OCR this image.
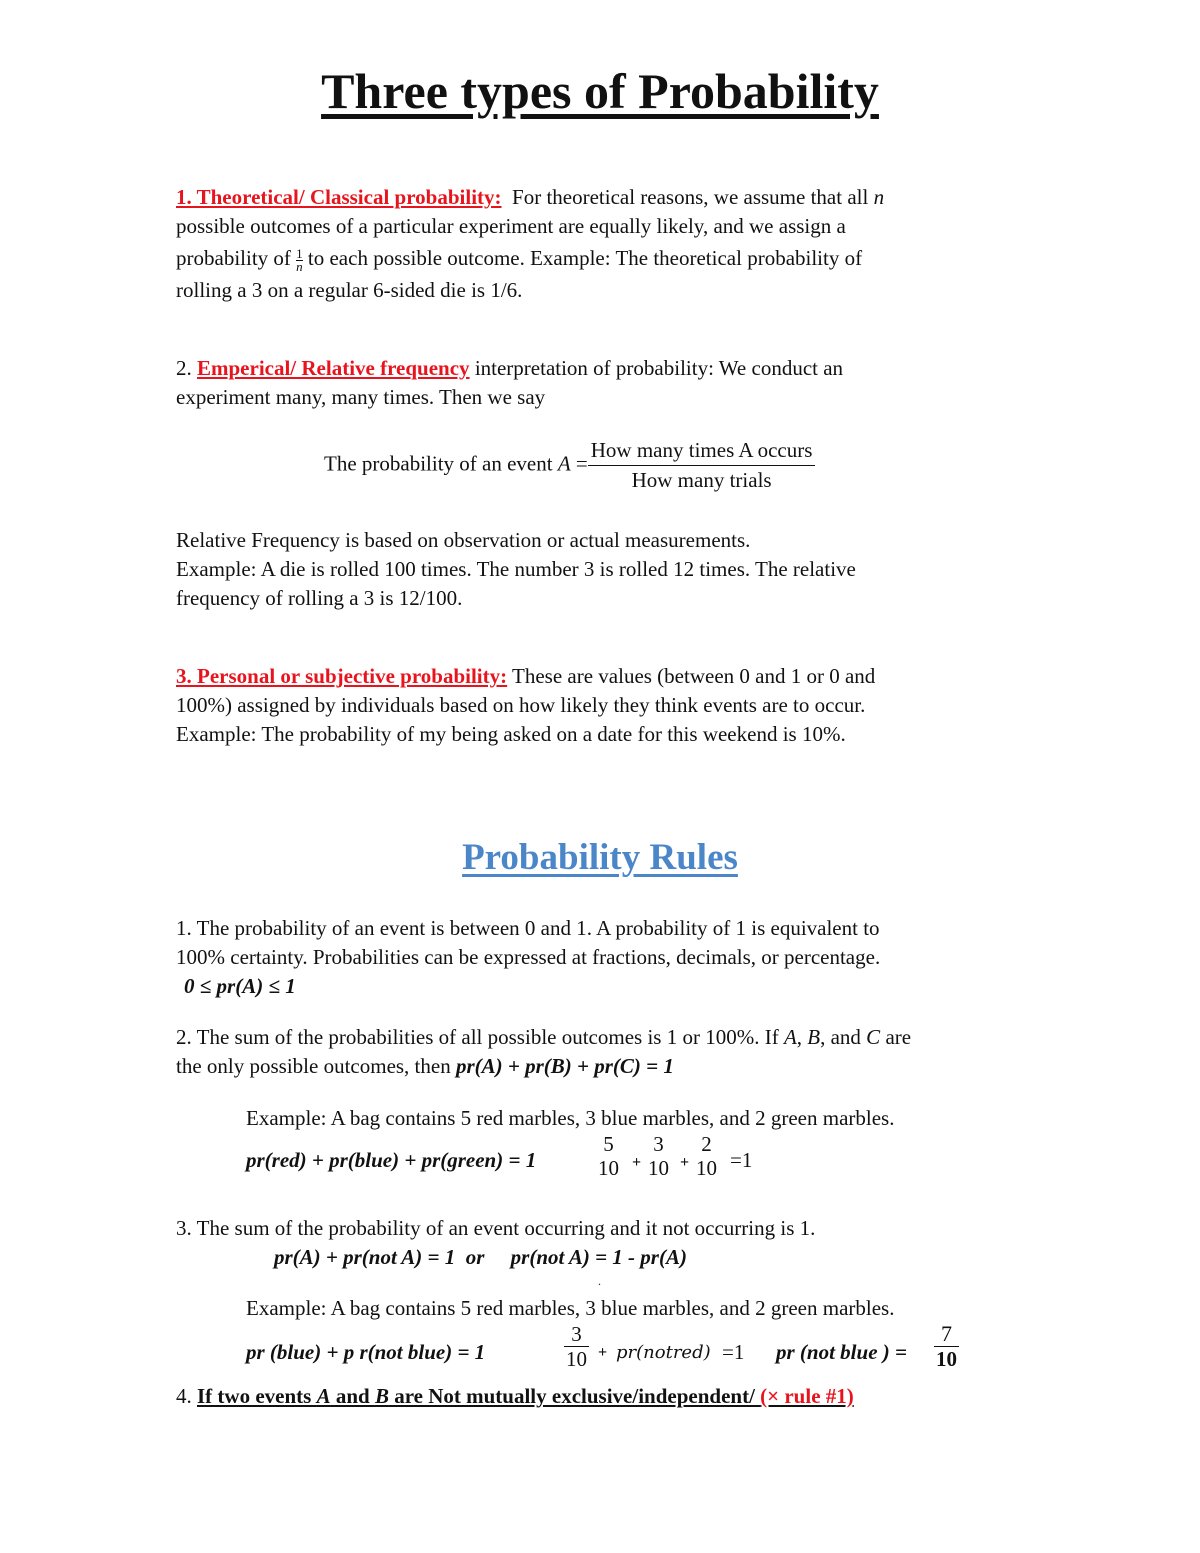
Three types of Probability
1. Theoretical/ Classical probability: For theoretical reasons, we assume that all n
possible outcomes of a particular experiment are equally likely, and we assign a
probability of $\frac{1}{n}$ to each possible outcome. Example: The theoretical probability of
rolling a 3 on a regular 6-sided die is 1/6.
2. Emperical/ Relative frequency interpretation of probability: We conduct an
experiment many, many times. Then we say
The probability of an event $A = \frac{\text{How many times A occurs}}{\text{How many trials}}$
Relative Frequency is based on observation or actual measurements.
Example: A die is rolled 100 times. The number 3 is rolled 12 times. The relative
frequency of rolling a 3 is 12/100.
3. Personal or subjective probability: These are values (between 0 and 1 or 0 and
100%) assigned by individuals based on how likely they think events are to occur.
Example: The probability of my being asked on a date for this weekend is 10%.
Probability Rules
1. The probability of an event is between 0 and 1. A probability of 1 is equivalent to
100% certainty. Probabilities can be expressed at fractions, decimals, or percentage.
0 ≤ pr(A) ≤ 1
2. The sum of the probabilities of all possible outcomes is 1 or 100%. If A, B, and C are
the only possible outcomes, then pr(A) + pr(B) + pr(C) = 1
Example: A bag contains 5 red marbles, 3 blue marbles, and 2 green marbles.
pr(red) + pr(blue) + pr(green) = 1
5
10 +
3
10 +
2
10 =1
3. The sum of the probability of an event occurring and it not occurring is 1.
pr(A) + pr(not A) = 1  or     pr(not A) = 1 - pr(A)
.
Example: A bag contains 5 red marbles, 3 blue marbles, and 2 green marbles.
pr (blue) + p r(not blue) = 1	$\frac{3}{10}$ + pr(notred) =1 pr (not blue ) = $\frac{7}{10}$
4. If two events A and B are Not mutually exclusive/independent/ (× rule #1)
